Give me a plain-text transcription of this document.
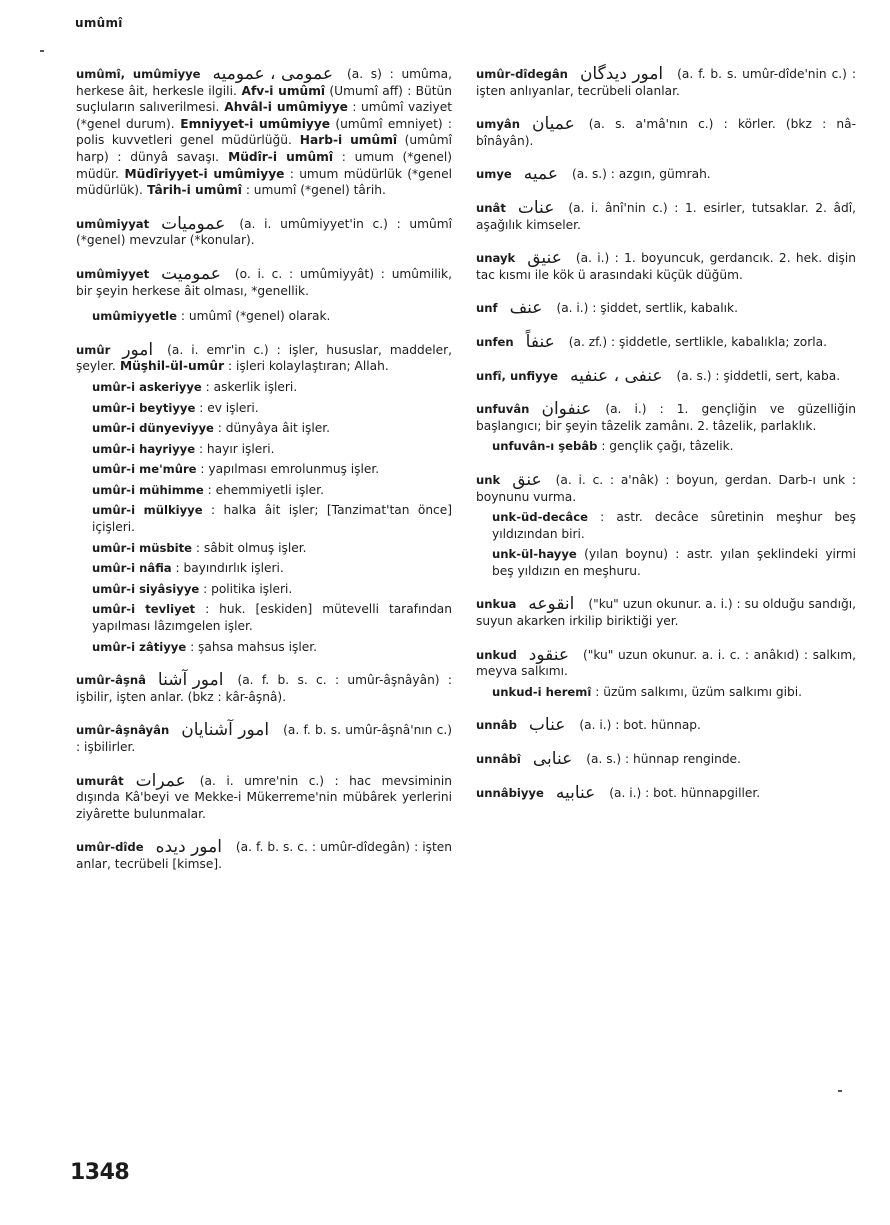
umûmî
umûmî, umûmiyye عمومی ، عمومیه (a. s) : umûma, herkese âit, herkesle ilgili. Afv-i umûmî (Umumî aff) : Bütün suçluların salıverilmesi. Ahvâl-i umûmiyye : umûmî vaziyet (*genel durum). Emniyyet-i umûmiyye (umûmî emniyet) : polis kuvvetleri genel müdürlüğü. Harb-i umûmî (umûmî harp) : dünyâ savaşı. Müdîr-i umûmî : umum (*genel) müdür. Müdîriyyet-i umûmiyye : umum müdürlük (*genel müdürlük). Târih-i umûmî : umumî (*genel) târih.
umûmiyyat عمومیات (a. i. umûmiyyet'in c.) : umûmî (*genel) mevzular (*konular).
umûmiyyet عمومیت (o. i. c. : umûmiyyât) : umûmilik, bir şeyin herkese âit olması, *genellik.
umûmiyyetle : umûmî (*genel) olarak.
umûr امور (a. i. emr'in c.) : işler, hususlar, maddeler, şeyler. Müşhil-ül-umûr : işleri kolaylaştıran; Allah.
umûr-i askeriyye : askerlik işleri.
umûr-i beytiyye : ev işleri.
umûr-i dünyeviyye : dünyâya âit işler.
umûr-i hayriyye : hayır işleri.
umûr-i me'mûre : yapılması emrolunmuş işler.
umûr-i mühimme : ehemmiyetli işler.
umûr-i mülkiyye : halka âit işler; [Tanzimat'tan önce] içişleri.
umûr-i müsbite : sâbit olmuş işler.
umûr-i nâfia : bayındırlık işleri.
umûr-i siyâsiyye : politika işleri.
umûr-i tevliyet : huk. [eskiden] mütevelli tarafından yapılması lâzımgelen işler.
umûr-i zâtiyye : şahsa mahsus işler.
umûr-âşnâ امور آشنا (a. f. b. s. c. : umûr-âşnâyân) : işbilir, işten anlar. (bkz : kâr-âşnâ).
umûr-âşnâyân امور آشنایان (a. f. b. s. umûr-âşnâ'nın c.) : işbilirler.
umurât عمرات (a. i. umre'nin c.) : hac mevsiminin dışında Kâ'beyi ve Mekke-i Mükerreme'nin mübârek yerlerini ziyârette bulunmalar.
umûr-dîde امور دیده (a. f. b. s. c. : umûr-dîdegân) : işten anlar, tecrübeli [kimse].
umûr-dîdegân امور دیدگان (a. f. b. s. umûr-dîde'nin c.) : işten anlıyanlar, tecrübeli olanlar.
umyân عمیان (a. s. a'mâ'nın c.) : körler. (bkz : nâ-bînâyân).
umye عمیه (a. s.) : azgın, gümrah.
unât عنات (a. i. ânî'nin c.) : 1. esirler, tutsaklar. 2. âdî, aşağılık kimseler.
unayk عنیق (a. i.) : 1. boyuncuk, gerdancık. 2. hek. dişin tac kısmı ile kök ü arasındaki küçük düğüm.
unf عنف (a. i.) : şiddet, sertlik, kabalık.
unfen عنفاً (a. zf.) : şiddetle, sertlikle, kabalıkla; zorla.
unfî, unfiyye عنفی ، عنفیه (a. s.) : şiddetli, sert, kaba.
unfuvân عنفوان (a. i.) : 1. gençliğin ve güzelliğin başlangıcı; bir şeyin tâzelik zamânı. 2. tâzelik, parlaklık.
unfuvân-ı şebâb : gençlik çağı, tâzelik.
unk عنق (a. i. c. : a'nâk) : boyun, gerdan. Darb-ı unk : boynunu vurma.
unk-üd-decâce : astr. decâce sûretinin meşhur beş yıldızından biri.
unk-ül-hayye (yılan boynu) : astr. yılan şeklindeki yirmi beş yıldızın en meşhuru.
unkua انقوعه ("ku" uzun okunur. a. i.) : su olduğu sandığı, suyun akarken irkilip biriktiği yer.
unkud عنقود ("ku" uzun okunur. a. i. c. : anâkıd) : salkım, meyva salkımı.
unkud-i heremî : üzüm salkımı, üzüm salkımı gibi.
unnâb عناب (a. i.) : bot. hünnap.
unnâbî عنابی (a. s.) : hünnap renginde.
unnâbiyye عنابیه (a. i.) : bot. hünnapgiller.
1348
